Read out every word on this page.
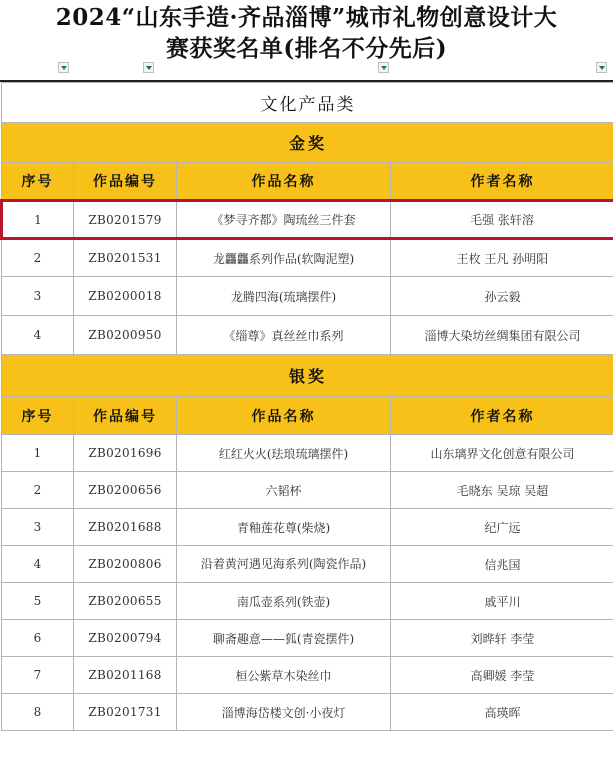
2024“山东手造·齐品淄博”城市礼物创意设计大
赛获奖名单(排名不分先后)
文化产品类			
金奖			
序号	作品编号	作品名称	作者名称
1	ZB0201579	《梦寻齐都》陶琉丝三件套	毛强 张轩溶
2	ZB0201531	龙龘龘系列作品(软陶泥塑)	王枚 王凡 孙明阳
3	ZB0200018	龙腾四海(琉璃摆件)	孙云毅
4	ZB0200950	《缁尊》真丝丝巾系列	淄博大染坊丝绸集团有限公司
银奖			
序号	作品编号	作品名称	作者名称
1	ZB0201696	红红火火(珐琅琉璃摆件)	山东璃界文化创意有限公司
2	ZB0200656	六韬杯	毛晓东 吴琼 吴超
3	ZB0201688	青釉莲花尊(柴烧)	纪广远
4	ZB0200806	沿着黄河遇见海系列(陶瓷作品)	信兆国
5	ZB0200655	南瓜壶系列(铁壶)	戚平川
6	ZB0200794	聊斋趣意——狐(青瓷摆件)	刘晔轩 李莹
7	ZB0201168	桓公紫草木染丝巾	高卿媛 李莹
8	ZB0201731	淄博海岱楼文创·小夜灯	高瑛晖
